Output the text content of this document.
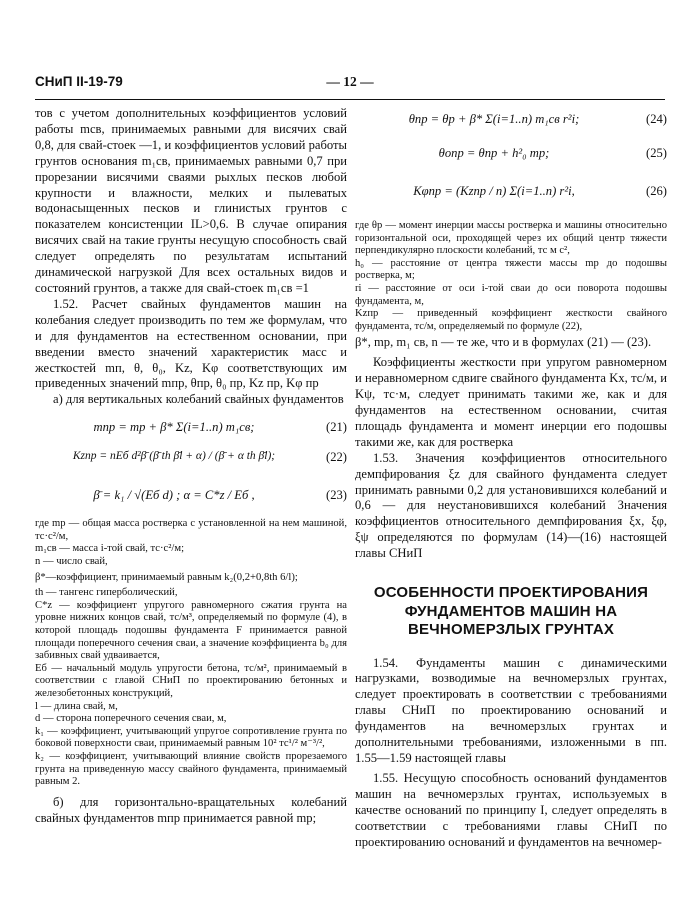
СНиП II-19-79	— 12 —

тов с учетом дополнительных коэффициентов условий работы mсв, принимаемых равными для висячих свай 0,8, для свай-стоек —1, и коэффициентов условий работы грунтов основания m₁св, принимаемых равными 0,7 при прорезании висячими сваями рыхлых песков любой крупности и влажности, мелких и пылеватых водонасыщенных песков и глинистых грунтов с показателем консистенции IL>0,6. В случае опирания висячих свай на такие грунты несущую способность свай следует определять по результатам испытаний динамической нагрузкой Для всех остальных видов и состояний грунтов, а также для свай-стоек m₁св =1

1.52. Расчет свайных фундаментов машин на колебания следует производить по тем же формулам, что и для фундаментов на естественном основании, при введении вместо значений характеристик масс и жесткостей mп, θ, θ₀, Kz, Kφ соответствующих им приведенных значений mпр, θпр, θ₀ пр, Kz пр, Kφ пр

а) для вертикальных колебаний свайных фундаментов

mпр = mр + β* Σ(i=1..n) m₁св;	(21)
Kzпр = nEб d²β̄ (β̄ th β̄l + α) / (β̄ + α th β̄l);	(22)
β̄ = k₁ / √(Eб d) ; α = C*z / Eб ,	(23)

где mр — общая масса ростверка с установленной на нем машиной, тс·с²/м,

m₁св — масса i-той свай, тс·с²/м;

n — число свай,

β*—коэффициент, принимаемый равным k₂(0,2+0,8th 6/l);

th — тангенс гиперболический,

C*z — коэффициент упругого равномерного сжатия грунта на уровне нижних концов свай, тс/м³, определяемый по формуле (4), в которой площадь подошвы фундамента F принимается равной площади поперечного сечения сваи, а значение коэффициента b₀ для забивных свай удваивается,

Eб — начальный модуль упругости бетона, тс/м², принимаемый в соответствии с главой СНиП по проектированию бетонных и железобетонных конструкций,

l — длина свай, м,

d — сторона поперечного сечения сваи, м,

k₁ — коэффициент, учитывающий упругое сопротивление грунта по боковой поверхности сваи, принимаемый равным 10² тс¹/² м⁻³/²,

k₂ — коэффициент, учитывающий влияние свойств прорезаемого грунта на приведенную массу свайного фундамента, принимаемый равным 2.

б) для горизонтально-вращательных колебаний свайных фундаментов mпр принимается равной mр;

θпр = θр + β* Σ(i=1..n) m₁св r²i;	(24)
θопр = θпр + h²₀ mр;	(25)
Kφпр = (Kzпр / n) Σ(i=1..n) r²i,	(26)

где θр — момент инерции массы ростверка и машины относительно горизонтальной оси, проходящей через их общий центр тяжести перпендикулярно плоскости колебаний, тс м с²,

h₀ — расстояние от центра тяжести массы mр до подошвы ростверка, м;

ri — расстояние от оси i-той сваи до оси поворота подошвы фундамента, м,

Kzпр — приведенный коэффициент жесткости свайного фундамента, тс/м, определяемый по формуле (22),

β*, mр, m₁ св, n — те же, что и в формулах (21) — (23).

Коэффициенты жесткости при упругом равномерном и неравномерном сдвиге свайного фундамента Kx, тс/м, и Kψ, тс·м, следует принимать такими же, как и для фундаментов на естественном основании, считая площадь фундамента и момент инерции его подошвы такими же, как для ростверка

1.53. Значения коэффициентов относительного демпфирования ξz для свайного фундамента следует принимать равными 0,2 для установившихся колебаний и 0,6 — для неустановившихся колебаний Значения коэффициентов относительного демпфирования ξx, ξφ, ξψ определяются по формулам (14)—(16) настоящей главы СНиП

ОСОБЕННОСТИ ПРОЕКТИРОВАНИЯ ФУНДАМЕНТОВ МАШИН НА ВЕЧНОМЕРЗЛЫХ ГРУНТАХ

1.54. Фундаменты машин с динамическими нагрузками, возводимые на вечномерзлых грунтах, следует проектировать в соответствии с требованиями главы СНиП по проектированию оснований и фундаментов на вечномерзлых грунтах и дополнительными требованиями, изложенными в пп. 1.55—1.59 настоящей главы

1.55. Несущую способность оснований фундаментов машин на вечномерзлых грунтах, используемых в качестве оснований по принципу I, следует определять в соответствии с требованиями главы СНиП по проектированию оснований и фундаментов на вечномер-
